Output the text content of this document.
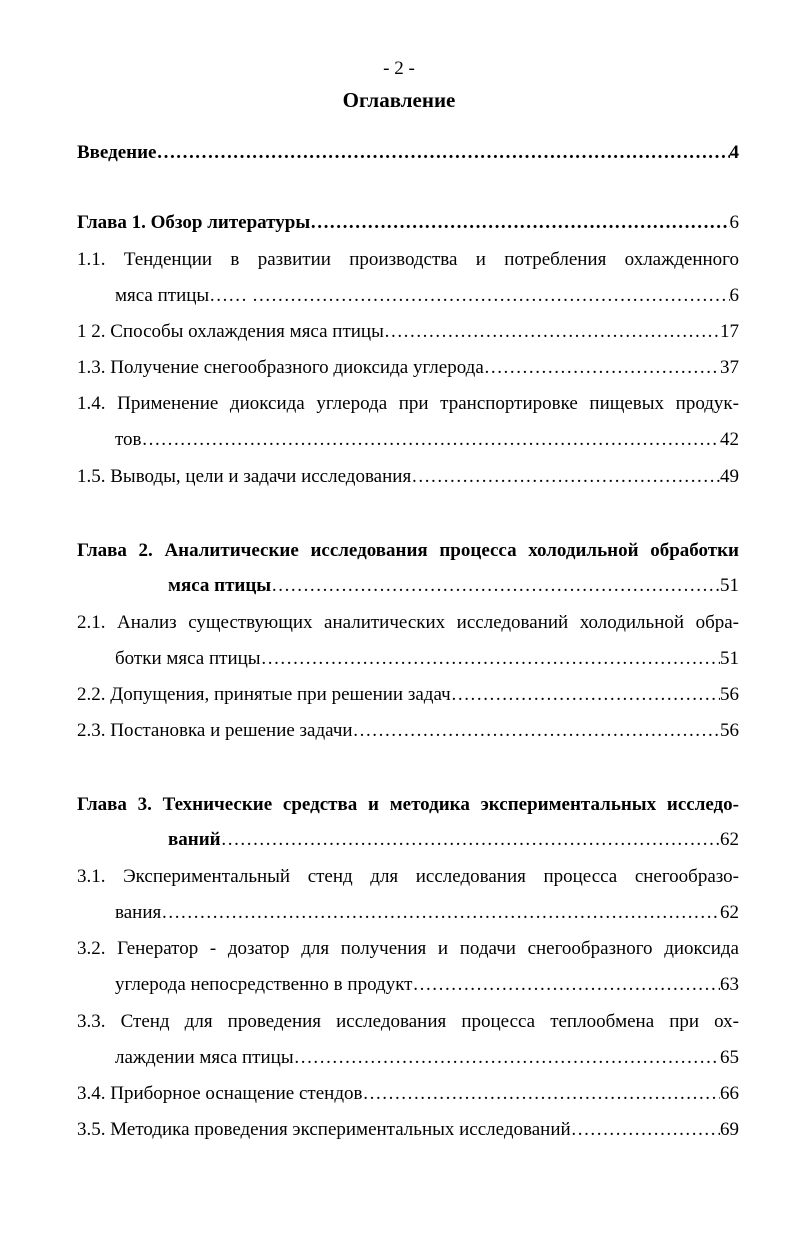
- 2 -
Оглавление
Введение …………………………………………………………………………………………………………………………………………………	4
Глава 1. Обзор литературы …………………………………………………………………………………………………………………………………………………	6
1.1. Тенденции в развитии производства и потребления охлажденного
мяса птицы…… …………… …………………………………………………………………………………………………………………………………………………	6
1 2. Способы охлаждения мяса птицы …………………………………………………………………………………………………………………………………………………	17
1.3. Получение снегообразного диоксида углерода …………………………………………………………………………………………………………………………………………………	37
1.4. Применение диоксида углерода при транспортировке пищевых продук-
тов …………………………………………………………………………………………………………………………………………………	42
1.5. Выводы, цели и задачи исследования …………………………………………………………………………………………………………………………………………………	49
Глава 2. Аналитические исследования процесса холодильной обработки
мяса птицы …………………………………………………………………………………………………………………………………………………	51
2.1. Анализ существующих аналитических исследований холодильной обра-
ботки мяса птицы …………………………………………………………………………………………………………………………………………………	51
2.2. Допущения, принятые при решении задач …………………………………………………………………………………………………………………………………………………	56
2.3. Постановка и решение задачи …………………………………………………………………………………………………………………………………………………	56
Глава 3. Технические средства и методика экспериментальных исследо-
ваний …………………………………………………………………………………………………………………………………………………	62
3.1. Экспериментальный стенд для исследования процесса снегообразо-
вания……………… …………………………………………………………………………………………………………………………………………………	62
3.2. Генератор - дозатор для получения и подачи снегообразного диоксида
углерода непосредственно в продукт …………………………………………………………………………………………………………………………………………………	63
3.3. Стенд для проведения исследования процесса теплообмена при ох-
лаждении мяса птицы …………………………………………………………………………………………………………………………………………………	65
3.4. Приборное оснащение стендов …………………………………………………………………………………………………………………………………………………	66
3.5. Методика проведения экспериментальных исследований …………………………………………………………………………………………………………………………………………………	69
